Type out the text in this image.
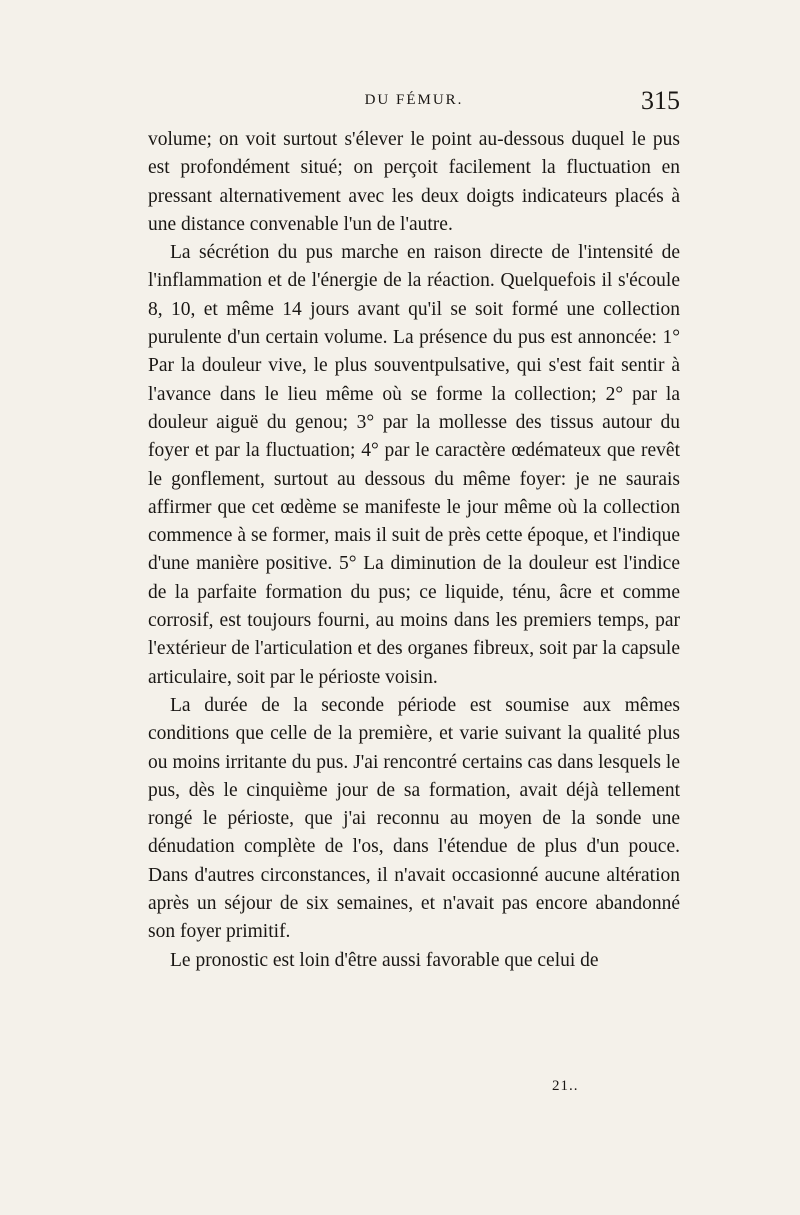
DU FÉMUR.	315

volume; on voit surtout s'élever le point au-dessous duquel le pus est profondément situé; on perçoit facilement la fluctuation en pressant alternativement avec les deux doigts indicateurs placés à une distance convenable l'un de l'autre.

La sécrétion du pus marche en raison directe de l'intensité de l'inflammation et de l'énergie de la réaction. Quelquefois il s'écoule 8, 10, et même 14 jours avant qu'il se soit formé une collection purulente d'un certain volume. La présence du pus est annoncée: 1° Par la douleur vive, le plus souventpulsative, qui s'est fait sentir à l'avance dans le lieu même où se forme la collection; 2° par la douleur aiguë du genou; 3° par la mollesse des tissus autour du foyer et par la fluctuation; 4° par le caractère œdémateux que revêt le gonflement, surtout au dessous du même foyer: je ne saurais affirmer que cet œdème se manifeste le jour même où la collection commence à se former, mais il suit de près cette époque, et l'indique d'une manière positive. 5° La diminution de la douleur est l'indice de la parfaite formation du pus; ce liquide, ténu, âcre et comme corrosif, est toujours fourni, au moins dans les premiers temps, par l'extérieur de l'articulation et des organes fibreux, soit par la capsule articulaire, soit par le périoste voisin.

La durée de la seconde période est soumise aux mêmes conditions que celle de la première, et varie suivant la qualité plus ou moins irritante du pus. J'ai rencontré certains cas dans lesquels le pus, dès le cinquième jour de sa formation, avait déjà tellement rongé le périoste, que j'ai reconnu au moyen de la sonde une dénudation complète de l'os, dans l'étendue de plus d'un pouce. Dans d'autres circonstances, il n'avait occasionné aucune altération après un séjour de six semaines, et n'avait pas encore abandonné son foyer primitif.

Le pronostic est loin d'être aussi favorable que celui de

21..
